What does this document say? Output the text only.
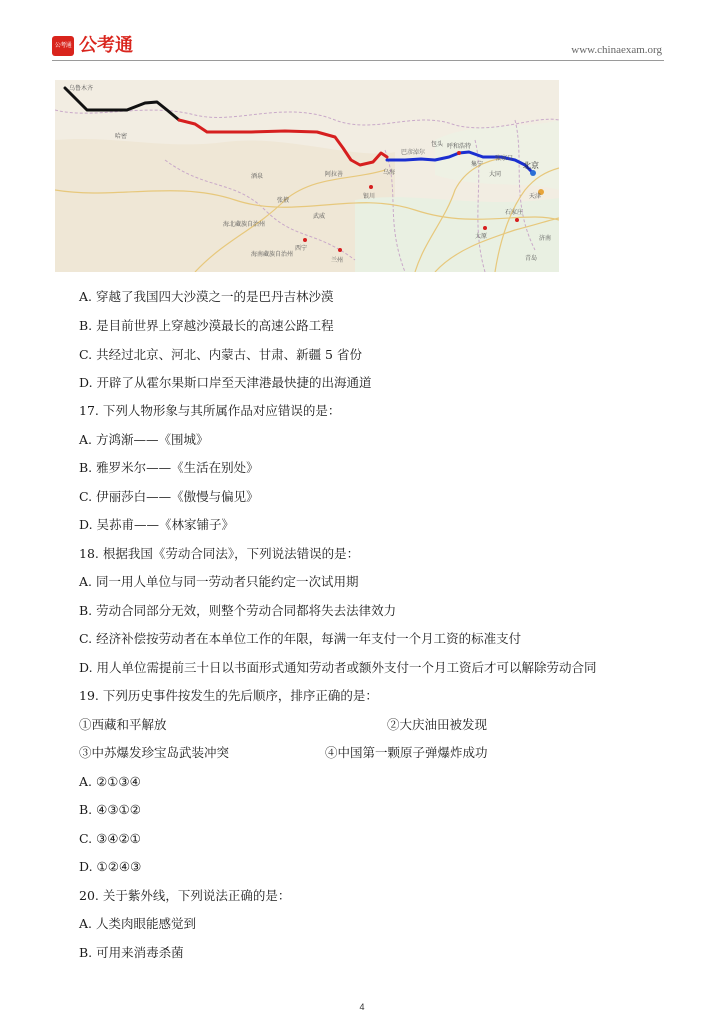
公考通 公考通	www.chinaexam.org
乌鲁木齐
北京
天津
呼和浩特
西宁
兰州
银川
太原
石家庄
济南
大同
包头
哈密
酒泉
张掖
武威
巴彦淖尔
阿拉善	乌海
集宁
张家口
青岛
海北藏族自治州
海南藏族自治州
A. 穿越了我国四大沙漠之一的是巴丹吉林沙漠
B. 是目前世界上穿越沙漠最长的高速公路工程
C. 共经过北京、河北、内蒙古、甘肃、新疆 5 省份
D. 开辟了从霍尔果斯口岸至天津港最快捷的出海通道
17. 下列人物形象与其所属作品对应错误的是：
A. 方鸿渐——《围城》
B. 雅罗米尔——《生活在别处》
C. 伊丽莎白——《傲慢与偏见》
D. 吴荪甫——《林家铺子》
18. 根据我国《劳动合同法》，下列说法错误的是：
A. 同一用人单位与同一劳动者只能约定一次试用期
B. 劳动合同部分无效，则整个劳动合同都将失去法律效力
C. 经济补偿按劳动者在本单位工作的年限，每满一年支付一个月工资的标准支付
D. 用人单位需提前三十日以书面形式通知劳动者或额外支付一个月工资后才可以解除劳动合同
19. 下列历史事件按发生的先后顺序，排序正确的是：
①西藏和平解放	②大庆油田被发现
③中苏爆发珍宝岛武装冲突	④中国第一颗原子弹爆炸成功
A. ②①③④
B. ④③①②
C. ③④②①
D. ①②④③
20. 关于紫外线，下列说法正确的是：
A. 人类肉眼能感觉到
B. 可用来消毒杀菌
4
